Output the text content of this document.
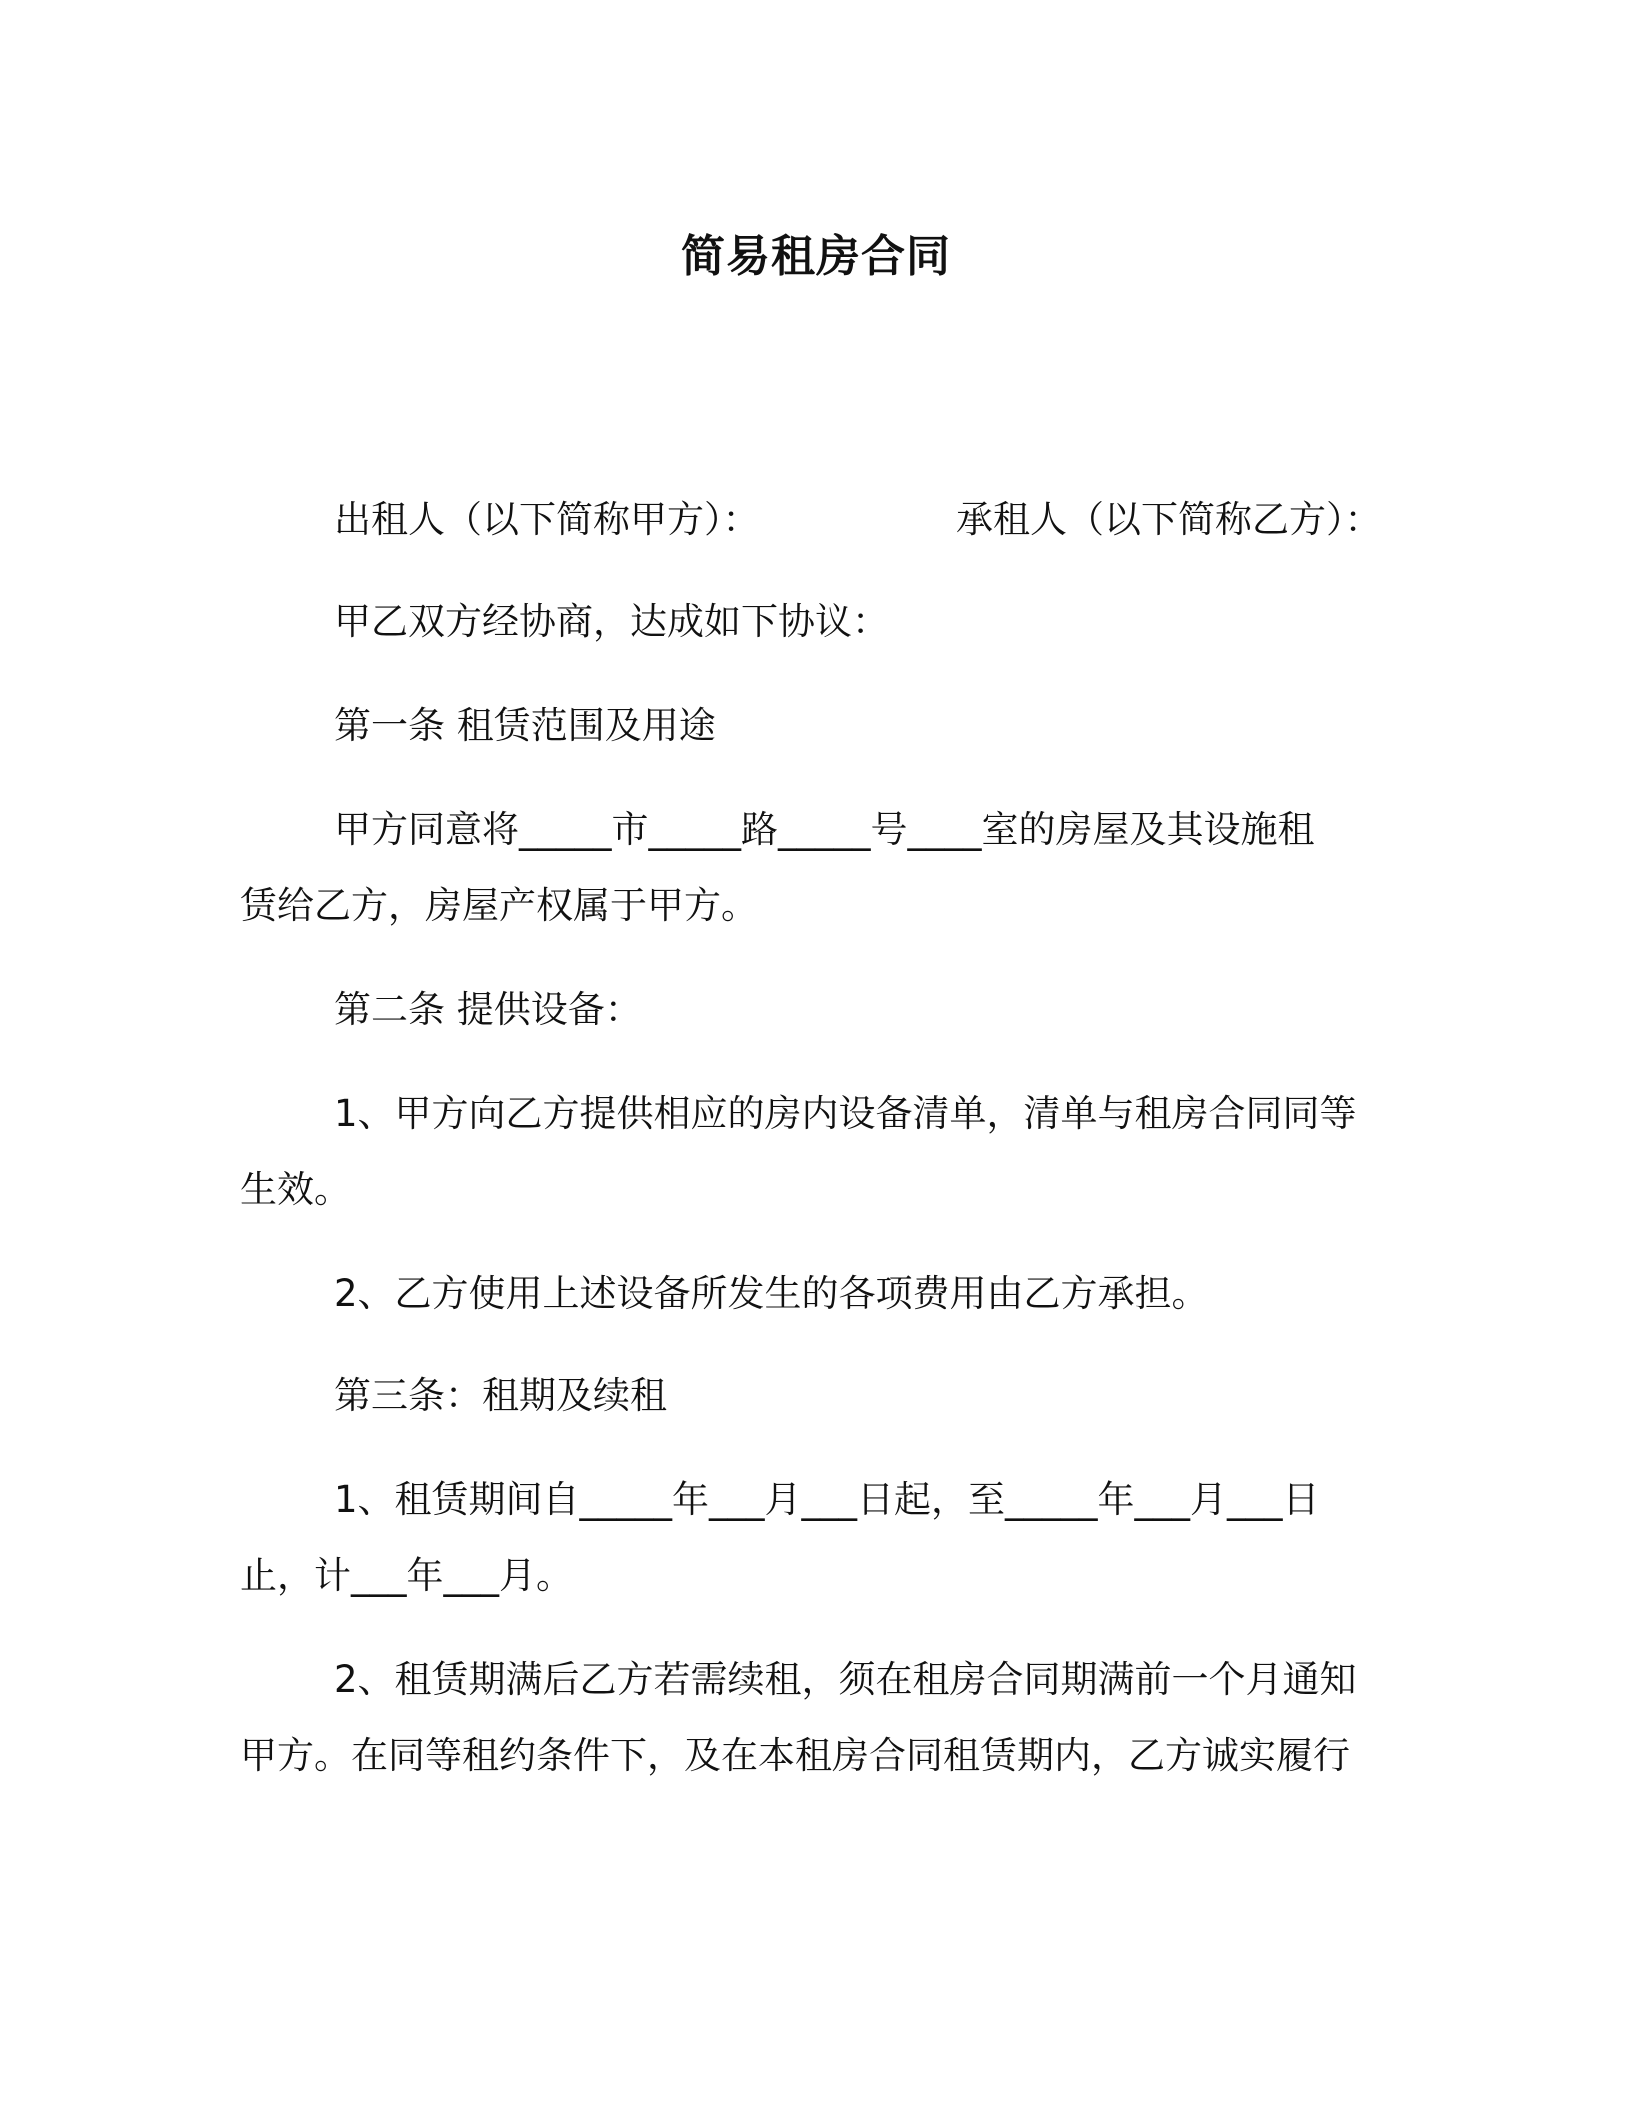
简易租房合同
出租人（以下简称甲方）：	承租人（以下简称乙方）：
甲乙双方经协商，达成如下协议：
第一条 租赁范围及用途
甲方同意将_____市_____路_____号____室的房屋及其设施租
赁给乙方，房屋产权属于甲方。
第二条 提供设备：
1、甲方向乙方提供相应的房内设备清单，清单与租房合同同等
生效。
2、乙方使用上述设备所发生的各项费用由乙方承担。
第三条：租期及续租
1、租赁期间自_____年___月___日起，至_____年___月___日
止，计___年___月。
2、租赁期满后乙方若需续租，须在租房合同期满前一个月通知
甲方。在同等租约条件下，及在本租房合同租赁期内，乙方诚实履行
